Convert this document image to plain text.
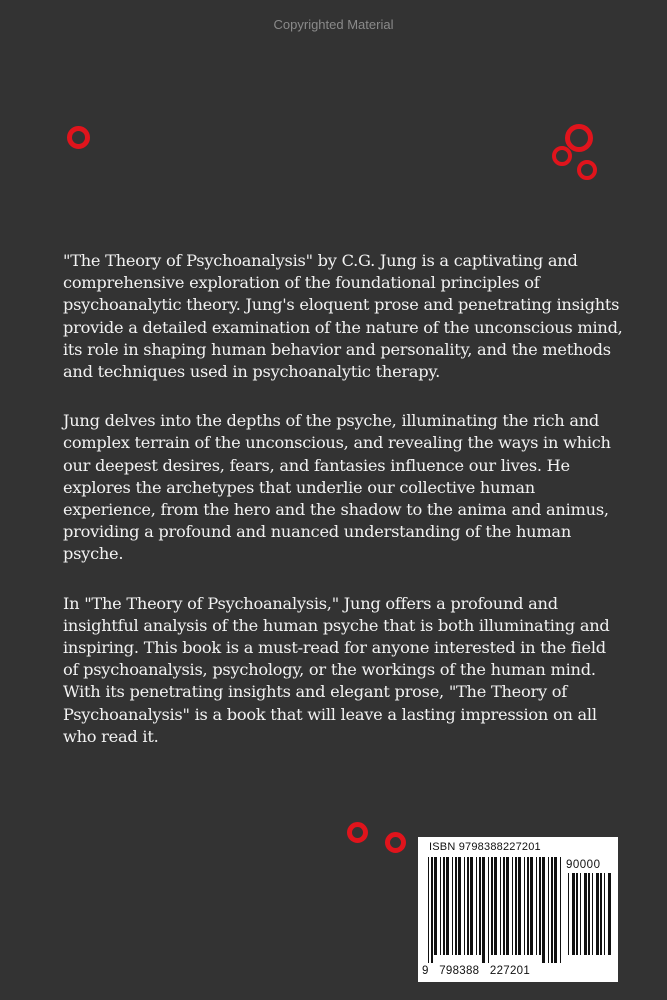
Copyrighted Material

"The Theory of Psychoanalysis" by C.G. Jung is a captivating and comprehensive exploration of the foundational principles of psychoanalytic theory. Jung's eloquent prose and penetrating insights provide a detailed examination of the nature of the unconscious mind, its role in shaping human behavior and personality, and the methods and techniques used in psychoanalytic therapy.

Jung delves into the depths of the psyche, illuminating the rich and complex terrain of the unconscious, and revealing the ways in which our deepest desires, fears, and fantasies influence our lives. He explores the archetypes that underlie our collective human experience, from the hero and the shadow to the anima and animus, providing a profound and nuanced understanding of the human psyche.

In "The Theory of Psychoanalysis," Jung offers a profound and insightful analysis of the human psyche that is both illuminating and inspiring. This book is a must-read for anyone interested in the field of psychoanalysis, psychology, or the workings of the human mind. With its penetrating insights and elegant prose, "The Theory of Psychoanalysis" is a book that will leave a lasting impression on all who read it.

ISBN 9798388227201
90000
9 798388 227201
